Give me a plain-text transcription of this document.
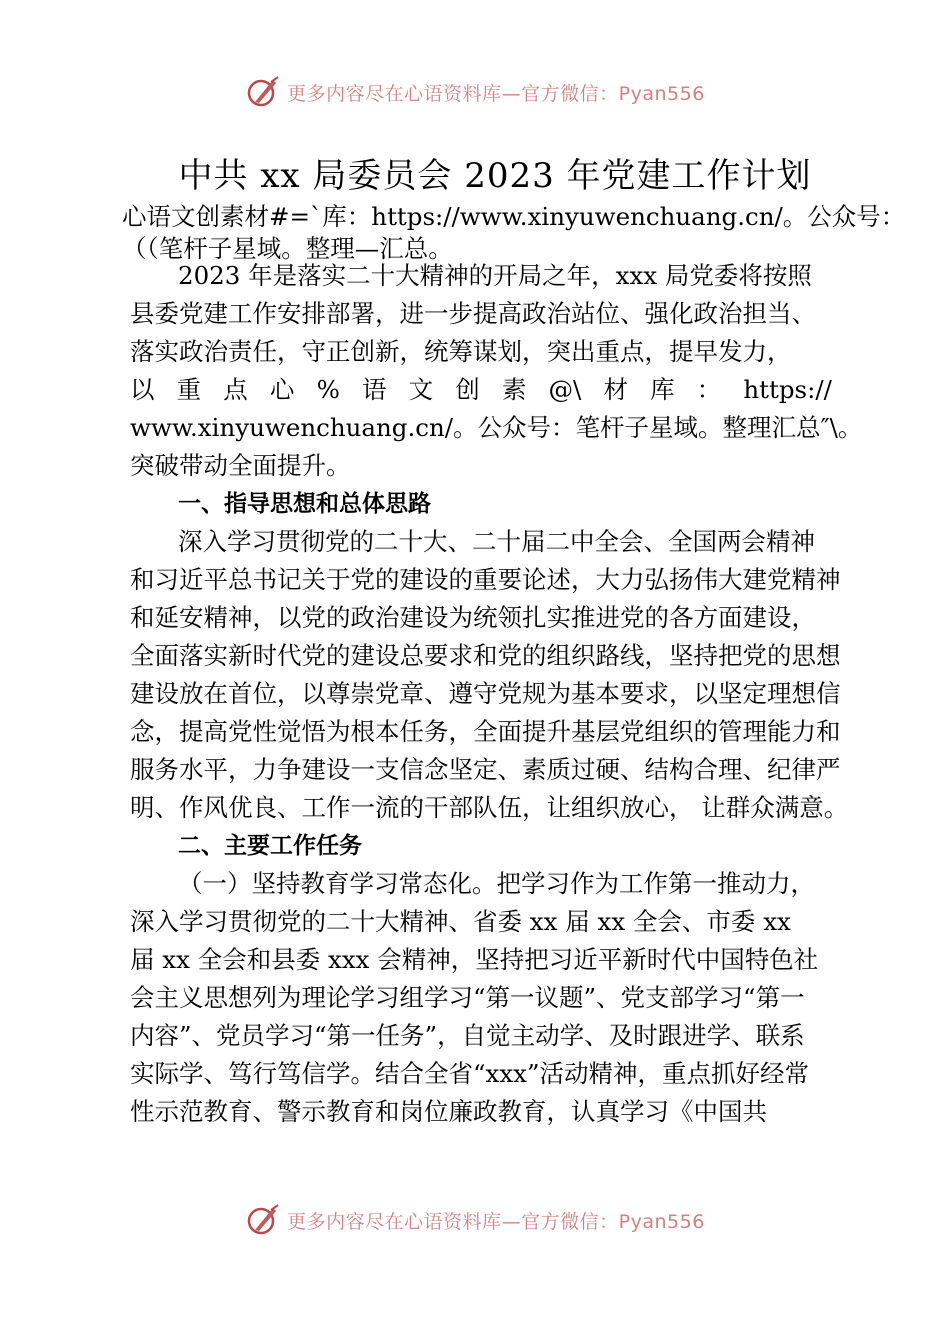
更多内容尽在心语资料库—官方微信：Pyan556
中共 xx 局委员会 2023 年党建工作计划
心语文创素材#=`库：https://www.xinyuwenchuang.cn/。公众号：
（（笔杆子星域。整理—汇总。
2023 年是落实二十大精神的开局之年，xxx 局党委将按照
县委党建工作安排部署，进一步提高政治站位、强化政治担当、
落实政治责任，守正创新，统筹谋划，突出重点，提早发力，
以 重 点 心 % 语 文 创 素 @\ 材 库 ： https://
www.xinyuwenchuang.cn/。公众号：笔杆子星域。整理汇总″\。
突破带动全面提升。
一、指导思想和总体思路
深入学习贯彻党的二十大、二十届二中全会、全国两会精神
和习近平总书记关于党的建设的重要论述，大力弘扬伟大建党精神
和延安精神，以党的政治建设为统领扎实推进党的各方面建设，
全面落实新时代党的建设总要求和党的组织路线，坚持把党的思想
建设放在首位，以尊崇党章、遵守党规为基本要求，以坚定理想信
念，提高党性觉悟为根本任务，全面提升基层党组织的管理能力和
服务水平，力争建设一支信念坚定、素质过硬、结构合理、纪律严
明、作风优良、工作一流的干部队伍，让组织放心， 让群众满意。
二、主要工作任务
（一）坚持教育学习常态化。把学习作为工作第一推动力，
深入学习贯彻党的二十大精神、省委 xx 届 xx 全会、市委 xx
届 xx 全会和县委 xxx 会精神，坚持把习近平新时代中国特色社
会主义思想列为理论学习组学习“第一议题”、党支部学习“第一
内容”、党员学习“第一任务”，自觉主动学、及时跟进学、联系
实际学、笃行笃信学。结合全省“xxx”活动精神，重点抓好经常
性示范教育、警示教育和岗位廉政教育，认真学习《中国共
更多内容尽在心语资料库—官方微信：Pyan556
